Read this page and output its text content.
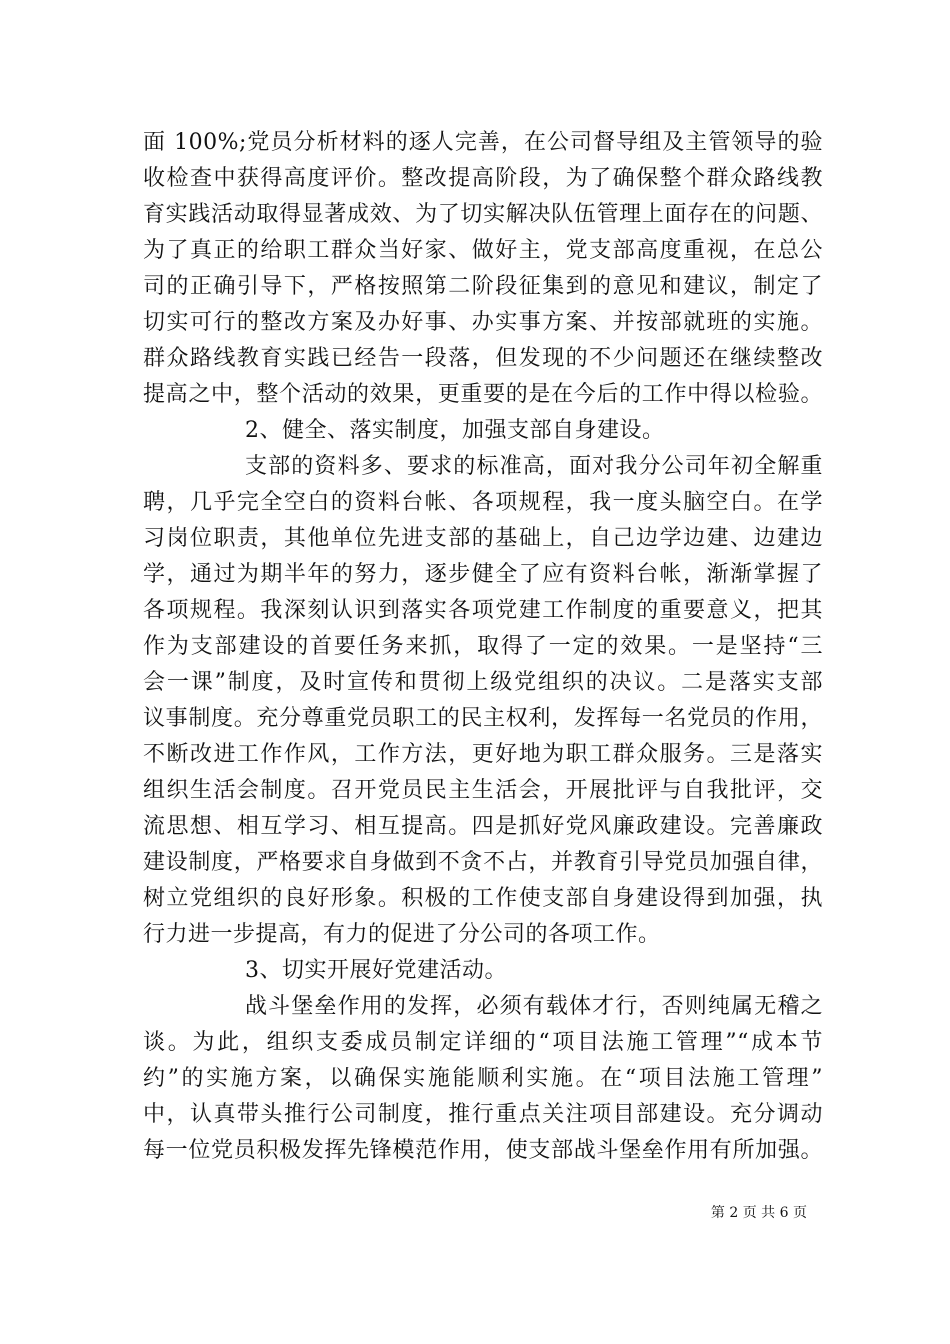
面 100%;党员分析材料的逐人完善，在公司督导组及主管领导的验
收检查中获得高度评价。整改提高阶段，为了确保整个群众路线教
育实践活动取得显著成效、为了切实解决队伍管理上面存在的问题、
为了真正的给职工群众当好家、做好主，党支部高度重视，在总公
司的正确引导下，严格按照第二阶段征集到的意见和建议，制定了
切实可行的整改方案及办好事、办实事方案、并按部就班的实施。
群众路线教育实践已经告一段落，但发现的不少问题还在继续整改
提高之中，整个活动的效果，更重要的是在今后的工作中得以检验。
2、健全、落实制度，加强支部自身建设。
支部的资料多、要求的标准高，面对我分公司年初全解重
聘，几乎完全空白的资料台帐、各项规程，我一度头脑空白。在学
习岗位职责，其他单位先进支部的基础上，自己边学边建、边建边
学，通过为期半年的努力，逐步健全了应有资料台帐，渐渐掌握了
各项规程。我深刻认识到落实各项党建工作制度的重要意义，把其
作为支部建设的首要任务来抓，取得了一定的效果。一是坚持“三
会一课”制度，及时宣传和贯彻上级党组织的决议。二是落实支部
议事制度。充分尊重党员职工的民主权利，发挥每一名党员的作用，
不断改进工作作风，工作方法，更好地为职工群众服务。三是落实
组织生活会制度。召开党员民主生活会，开展批评与自我批评，交
流思想、相互学习、相互提高。四是抓好党风廉政建设。完善廉政
建设制度，严格要求自身做到不贪不占，并教育引导党员加强自律，
树立党组织的良好形象。积极的工作使支部自身建设得到加强，执
行力进一步提高，有力的促进了分公司的各项工作。
3、切实开展好党建活动。
战斗堡垒作用的发挥，必须有载体才行，否则纯属无稽之
谈。为此，组织支委成员制定详细的“项目法施工管理”“成本节
约”的实施方案，以确保实施能顺利实施。在“项目法施工管理”
中，认真带头推行公司制度，推行重点关注项目部建设。充分调动
每一位党员积极发挥先锋模范作用，使支部战斗堡垒作用有所加强。
第 2 页 共 6 页
